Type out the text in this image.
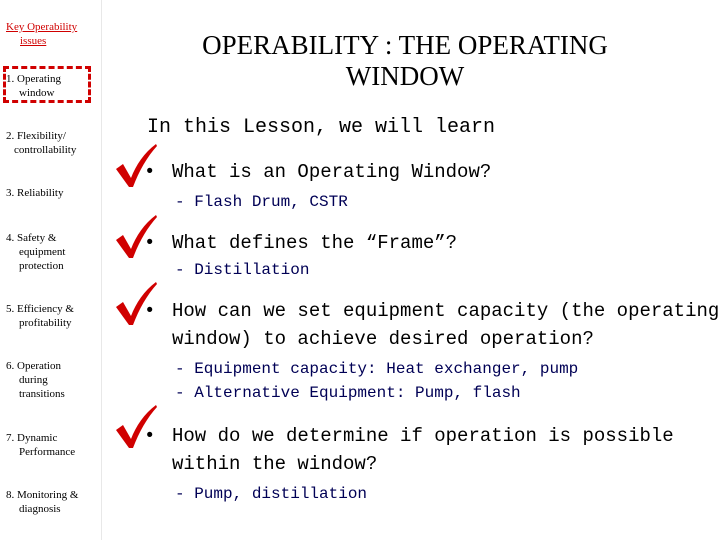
Key Operability
issues
1. Operating
window
2. Flexibility/
controllability
3. Reliability
4. Safety &
equipment
protection
5. Efficiency &
profitability
6. Operation
during
transitions
7. Dynamic
Performance
8. Monitoring &
diagnosis
OPERABILITY : THE OPERATING
WINDOW
In this Lesson, we will learn
• What is an Operating Window?
- Flash Drum, CSTR
• What defines the “Frame”?
- Distillation
• How can we set equipment capacity (the operating
window) to achieve desired operation?
- Equipment capacity: Heat exchanger, pump
- Alternative Equipment: Pump, flash
• How do we determine if operation is possible
within the window?
- Pump, distillation
